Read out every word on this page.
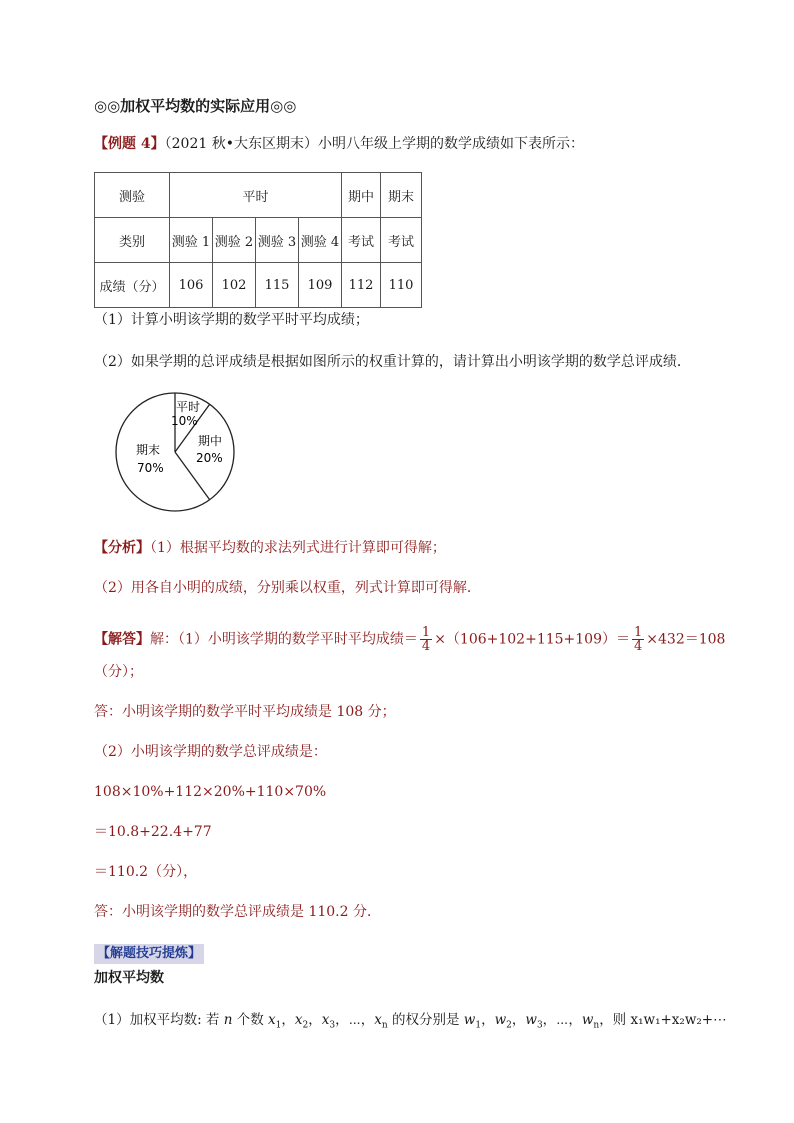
◎◎加权平均数的实际应用◎◎
【例题 4】（2021 秋•大东区期末）小明八年级上学期的数学成绩如下表所示：
测验	平时				期中	期末
类别	测验 1	测验 2	测验 3	测验 4	考试	考试
成绩（分）	106	102	115	109	112	110
（1）计算小明该学期的数学平时平均成绩；
（2）如果学期的总评成绩是根据如图所示的权重计算的，请计算出小明该学期的数学总评成绩．
平时
10%
期中
20%
期末
70%
【分析】（1）根据平均数的求法列式进行计算即可得解；
（2）用各自小明的成绩，分别乘以权重，列式计算即可得解．
【解答】解：（1）小明该学期的数学平时平均成绩＝ $\frac{1}{4} \times(106+102+115+109)= \frac{1}{4} \times 432=108$
（分）；
答：小明该学期的数学平时平均成绩是 108 分；
（2）小明该学期的数学总评成绩是：
108×10%+112×20%+110×70%
＝10.8+22.4+77
＝110.2（分），
答：小明该学期的数学总评成绩是 110.2 分．
【解题技巧提炼】
加权平均数
（1）加权平均数: 若 n 个数 $x_1$，$x_2$，$x_3$，⋯，$x_n$ 的权分别是 $w_1$，$w_2$，$w_3$，⋯，$w_n$，则 x₁w₁+x₂w₂+⋯
